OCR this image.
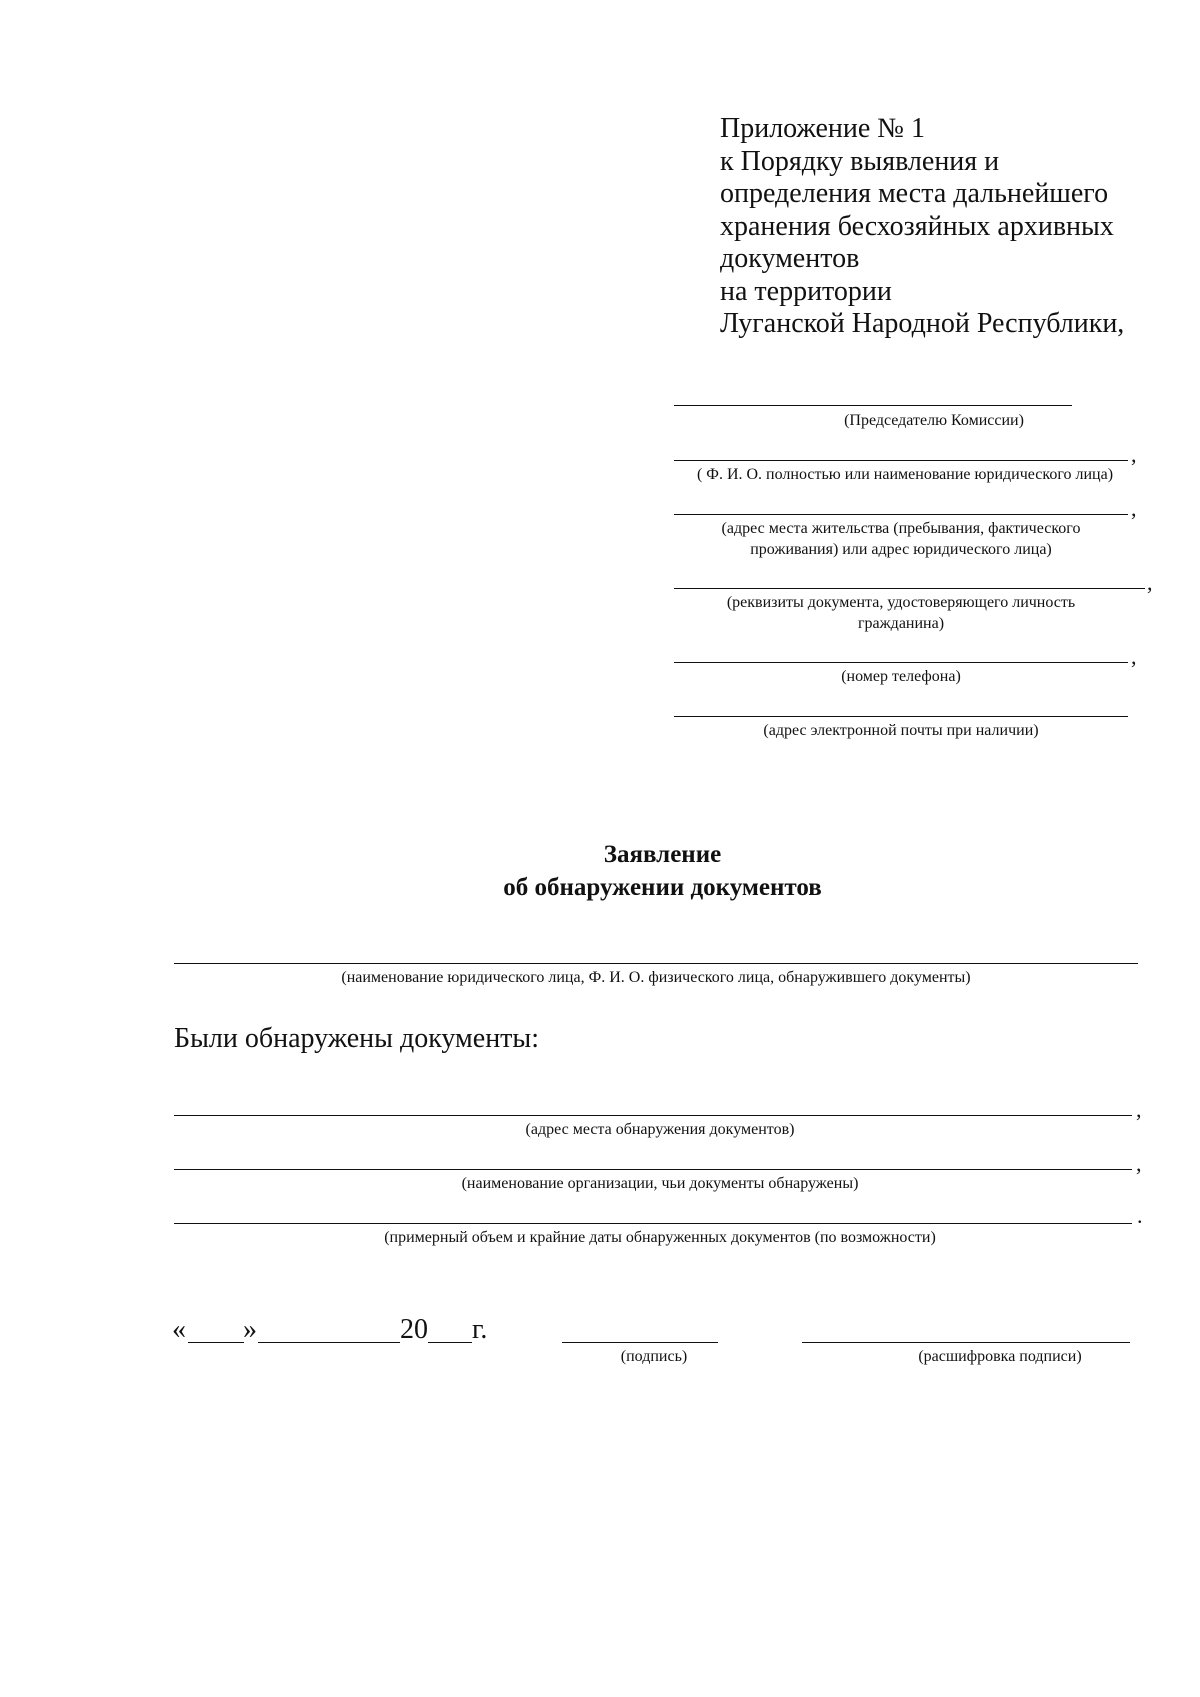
Приложение № 1
к Порядку выявления и
определения места дальнейшего
хранения бесхозяйных архивных
документов
на территории
Луганской Народной Республики,
(Председателю Комиссии)
,
( Ф. И. О. полностью или наименование юридического лица)
,
(адрес места жительства (пребывания, фактического
проживания) или адрес юридического лица)
,
(реквизиты документа, удостоверяющего личность
гражданина)
,
(номер телефона)
(адрес электронной почты при наличии)
Заявление
об обнаружении документов
(наименование юридического лица, Ф. И. О. физического лица, обнаружившего документы)
Были обнаружены документы:
,
(адрес места обнаружения документов)
,
(наименование организации, чьи документы обнаружены)
.
(примерный объем и крайние даты обнаруженных документов (по возможности)
« »	20 г.
(подпись)	(расшифровка подписи)
